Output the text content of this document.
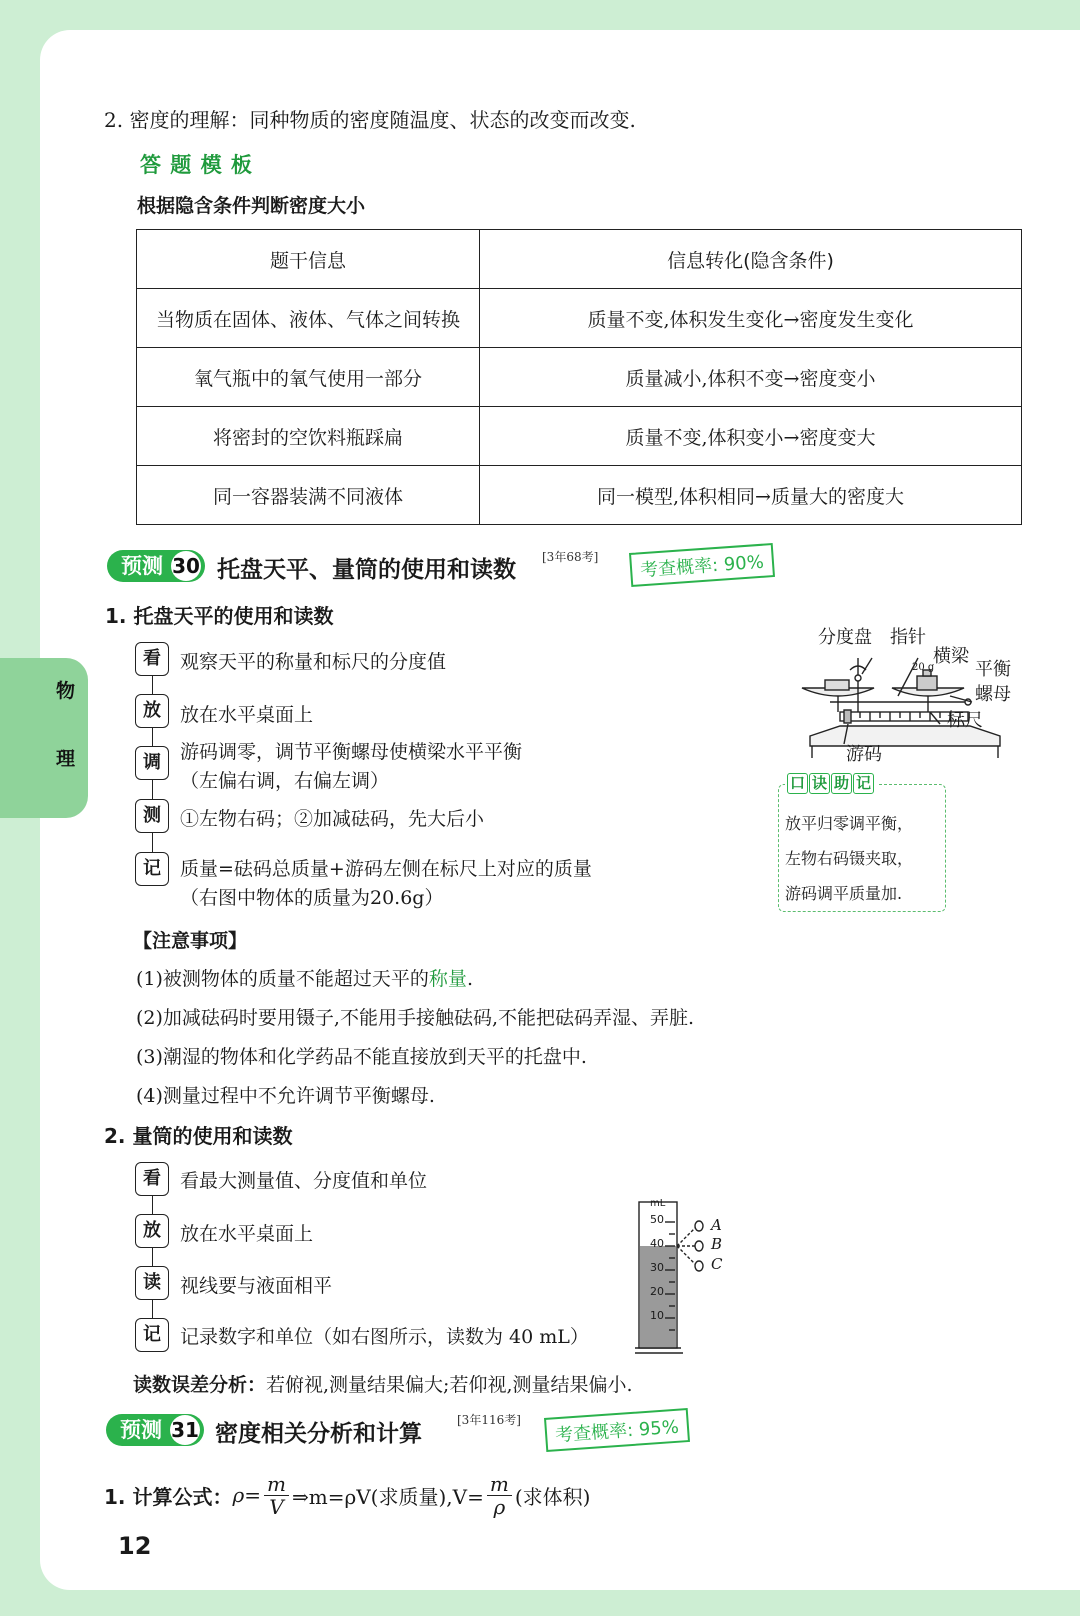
物
理
2. 密度的理解：同种物质的密度随温度、状态的改变而改变.
答 题 模 板
根据隐含条件判断密度大小
题干信息	信息转化(隐含条件)
当物质在固体、液体、气体之间转换	质量不变,体积发生变化→密度发生变化
氧气瓶中的氧气使用一部分	质量减小,体积不变→密度变小
将密封的空饮料瓶踩扁	质量不变,体积变小→密度变大
同一容器装满不同液体	同一模型,体积相同→质量大的密度大
预测 30 托盘天平、量筒的使用和读数 [3年68考]	考查概率: 90%
1. 托盘天平的使用和读数
看	观察天平的称量和标尺的分度值
放	放在水平桌面上
调	游码调零，调节平衡螺母使横梁水平平衡
（左偏右调，右偏左调）
测	①左物右码；②加减砝码，先大后小
记	质量=砝码总质量+游码左侧在标尺上对应的质量
（右图中物体的质量为20.6g）
分度盘 指针
横梁
平衡
螺母
标尺
游码
20 g
口 诀 助 记
放平归零调平衡，
左物右码镊夹取，
游码调平质量加.
【注意事项】
(1)被测物体的质量不能超过天平的称量.
(2)加减砝码时要用镊子,不能用手接触砝码,不能把砝码弄湿、弄脏.
(3)潮湿的物体和化学药品不能直接放到天平的托盘中.
(4)测量过程中不允许调节平衡螺母.
2. 量筒的使用和读数
看	看最大测量值、分度值和单位
放	放在水平桌面上
读	视线要与液面相平
记	记录数字和单位（如右图所示，读数为 40 mL）
mL
50
40
30
20
10
A
B
C
读数误差分析：若俯视,测量结果偏大;若仰视,测量结果偏小.
预测 31 密度相关分析和计算
[3年116考]	考查概率: 95%
1. 计算公式： $\rho = \frac{m}{V}$ ⇒m=ρV(求质量)$,V= \frac{m}{\rho}$ (求体积)
12
